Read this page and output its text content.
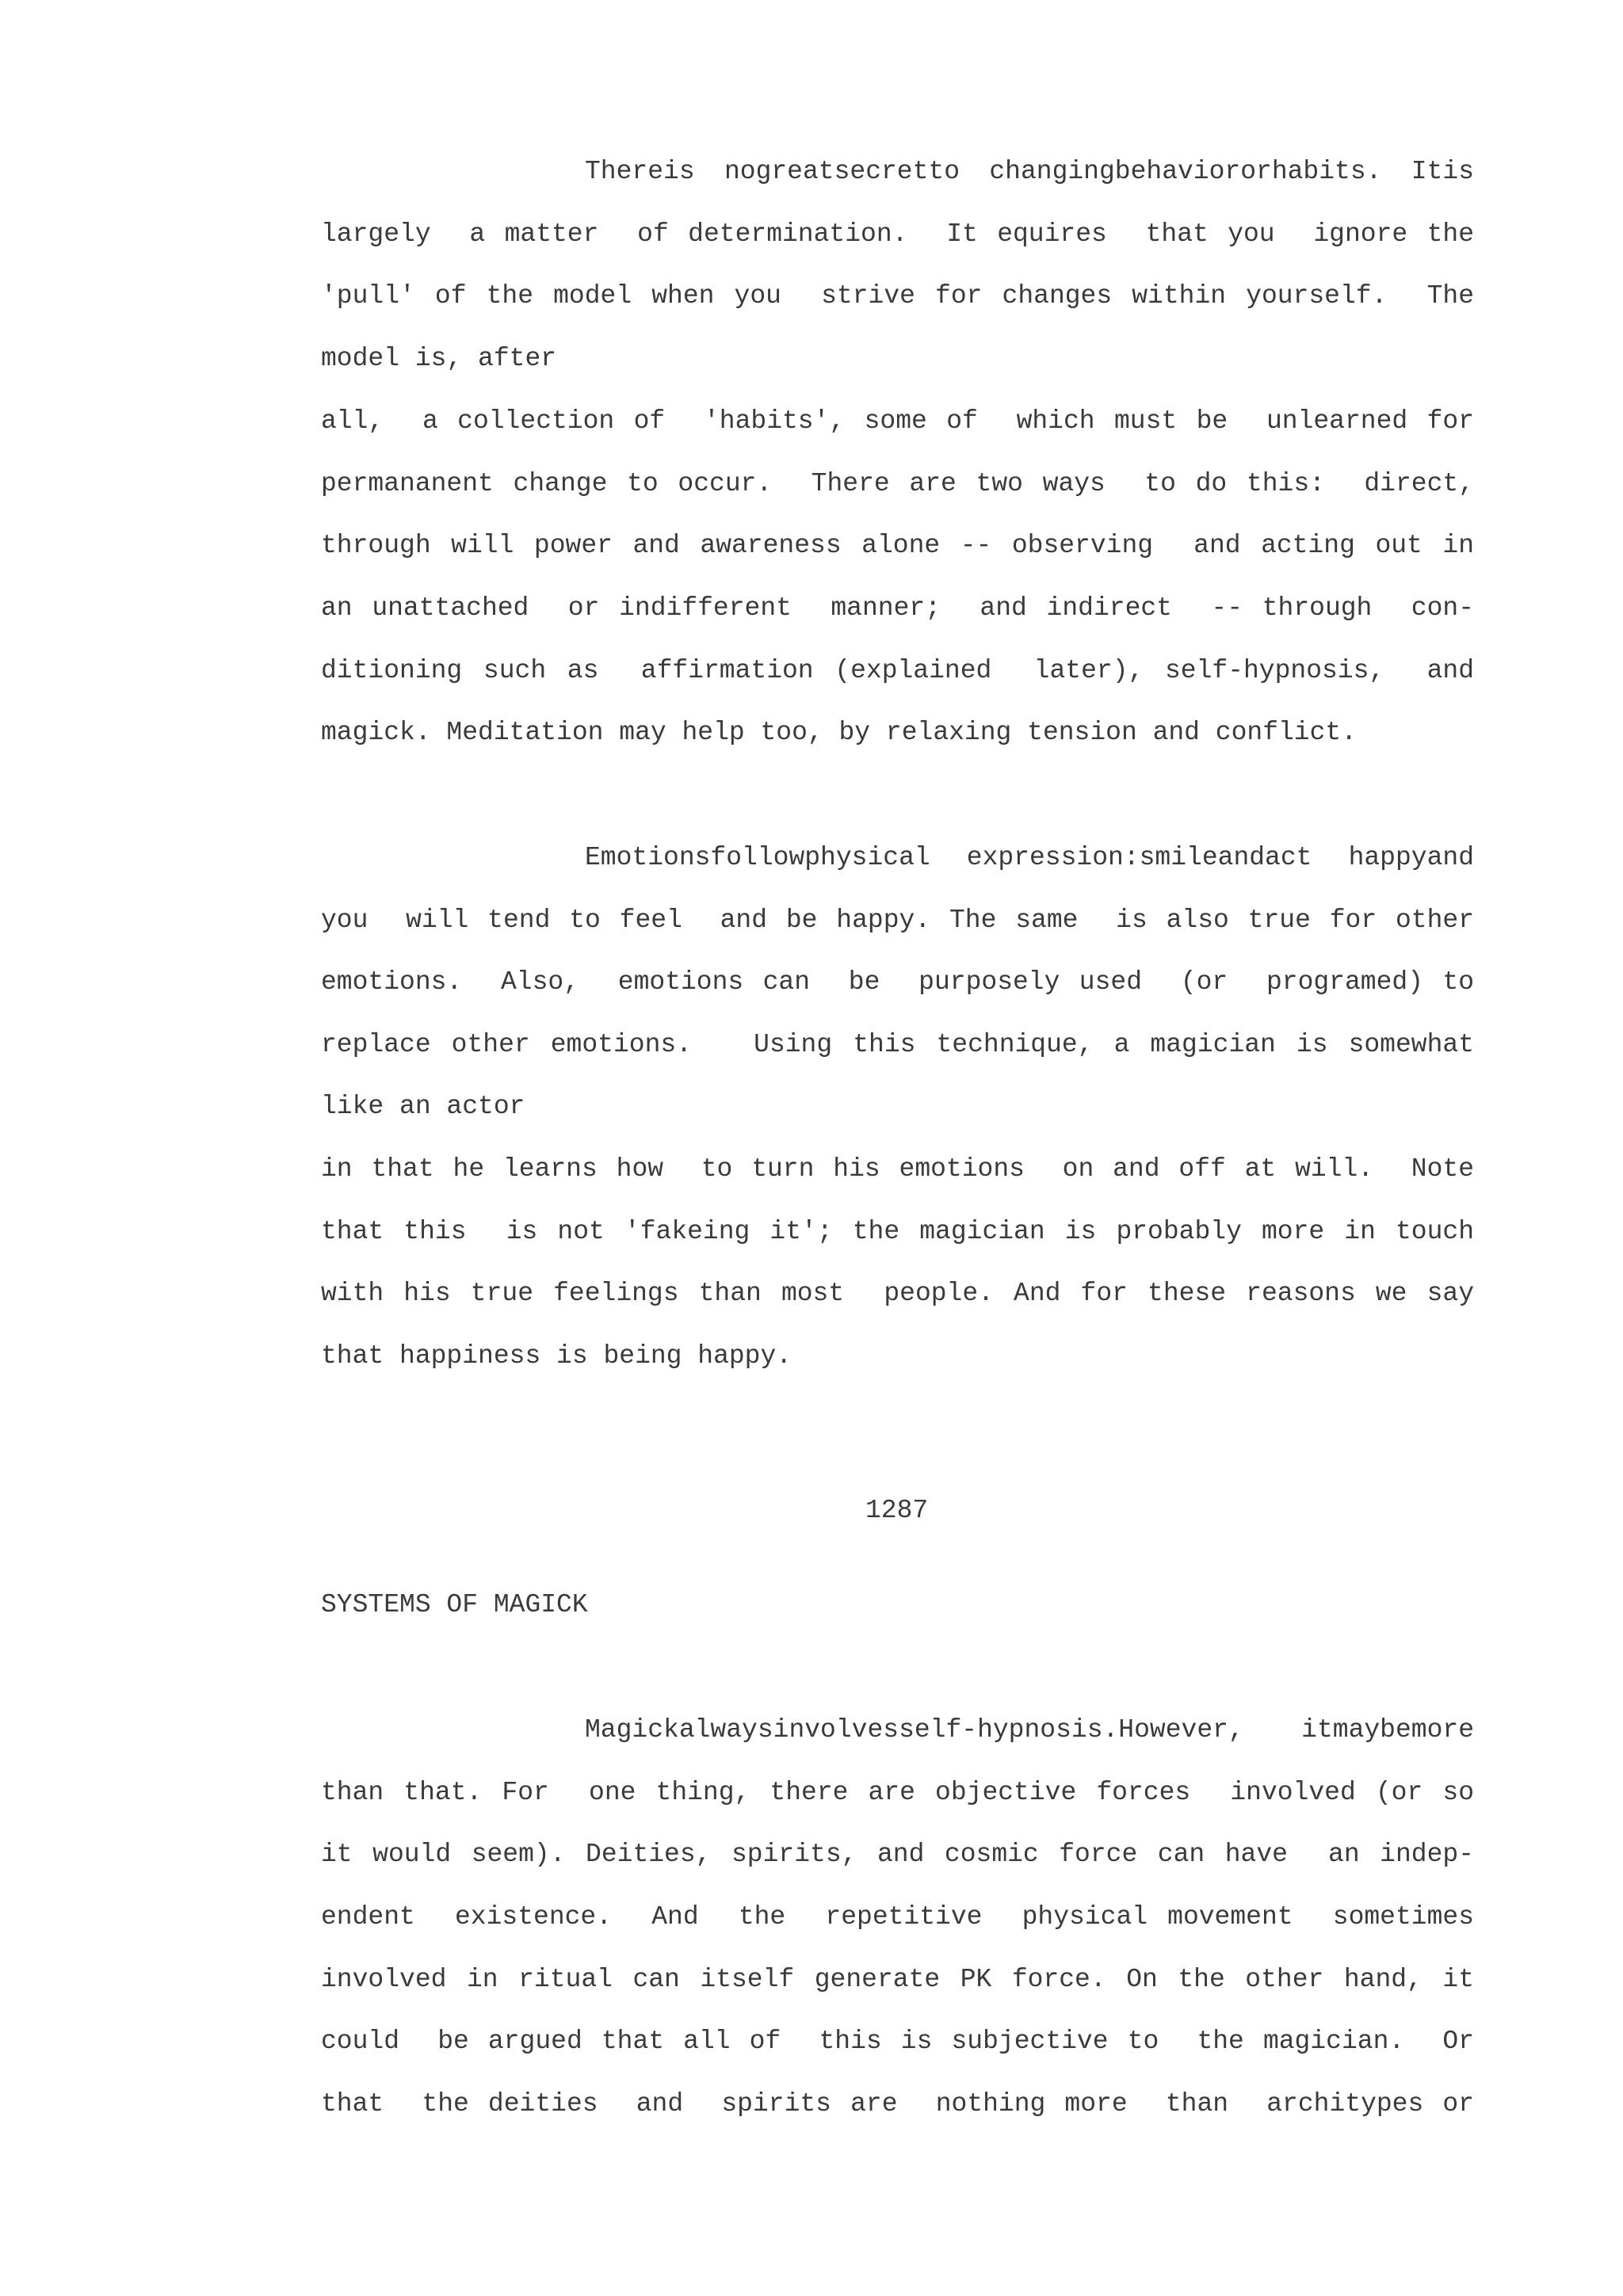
Thereis nogreatsecretto changingbehaviororhabits. Itis
largely  a matter  of determination.  It equires  that you  ignore the
'pull' of the model when you  strive for changes within yourself.  The
model is, after
all,  a collection of  'habits', some of  which must be  unlearned for
permananent change to occur.  There are two ways  to do this:  direct,
through will power and awareness alone -- observing  and acting out in
an unattached  or indifferent  manner;  and indirect  -- through  con-
ditioning such as  affirmation (explained  later), self-hypnosis,  and
magick. Meditation may help too, by relaxing tension and conflict.
Emotionsfollowphysical expression:smileandact happyand
you  will tend to feel  and be happy. The same  is also true for other
emotions.  Also,  emotions can  be  purposely used  (or  programed) to
replace other emotions.   Using this technique, a magician is somewhat
like an actor
in that he learns how  to turn his emotions  on and off at will.  Note
that this  is not 'fakeing it'; the magician is probably more in touch
with his true feelings than most  people. And for these reasons we say
that happiness is being happy.
1287
SYSTEMS OF MAGICK
Magickalwaysinvolvesself-hypnosis.However, itmaybemore
than that. For  one thing, there are objective forces  involved (or so
it would seem). Deities, spirits, and cosmic force can have  an indep-
endent  existence.  And  the  repetitive  physical movement  sometimes
involved in ritual can itself generate PK force. On the other hand, it
could  be argued that all of  this is subjective to  the magician.  Or
that  the deities  and  spirits are  nothing more  than  architypes or
